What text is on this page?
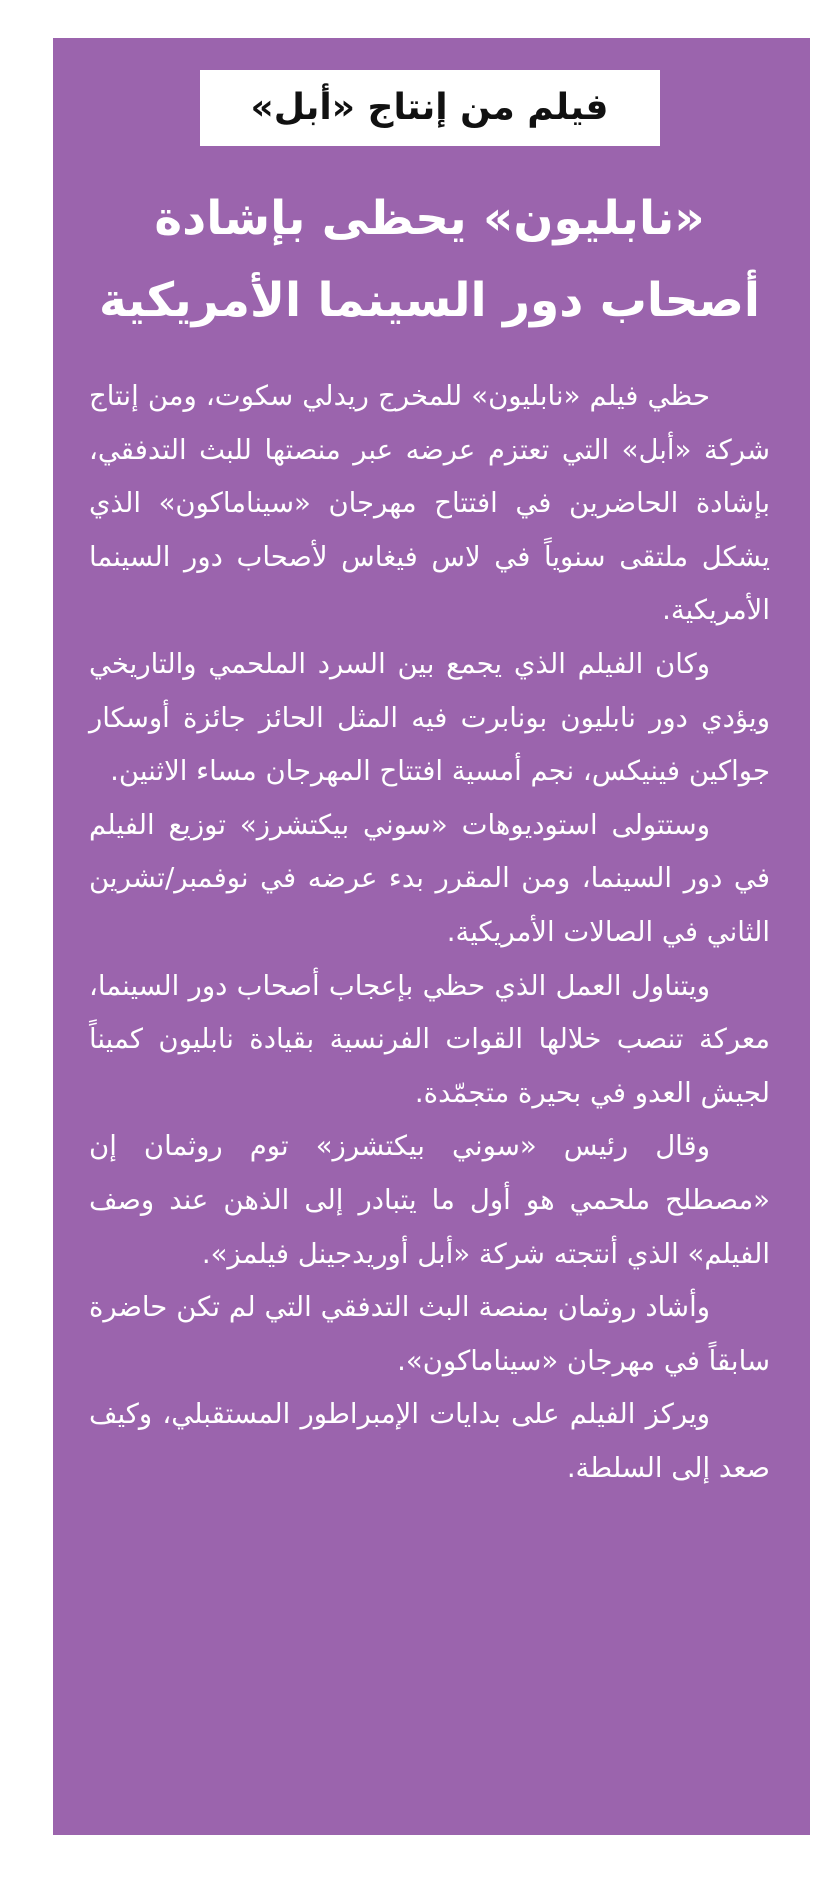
فيلم من إنتاج «أبل»
«نابليون» يحظى بإشادة
أصحاب دور السينما الأمريكية

حظي فيلم «نابليون» للمخرج ريدلي سكوت، ومن إنتاج شركة «أبل» التي تعتزم عرضه عبر منصتها للبث التدفقي، بإشادة الحاضرين في افتتاح مهرجان «سيناماكون» الذي يشكل ملتقى سنوياً في لاس فيغاس لأصحاب دور السينما الأمريكية.

وكان الفيلم الذي يجمع بين السرد الملحمي والتاريخي ويؤدي دور نابليون بونابرت فيه المثل الحائز جائزة أوسكار جواكين فينيكس، نجم أمسية افتتاح المهرجان مساء الاثنين.

وستتولى استوديوهات «سوني بيكتشرز» توزيع الفيلم في دور السينما، ومن المقرر بدء عرضه في نوفمبر/تشرين الثاني في الصالات الأمريكية.

ويتناول العمل الذي حظي بإعجاب أصحاب دور السينما، معركة تنصب خلالها القوات الفرنسية بقيادة نابليون كميناً لجيش العدو في بحيرة متجمّدة.

وقال رئيس «سوني بيكتشرز» توم روثمان إن «مصطلح ملحمي هو أول ما يتبادر إلى الذهن عند وصف الفيلم» الذي أنتجته شركة «أبل أوريدجينل فيلمز».

وأشاد روثمان بمنصة البث التدفقي التي لم تكن حاضرة سابقاً في مهرجان «سيناماكون».

ويركز الفيلم على بدايات الإمبراطور المستقبلي، وكيف صعد إلى السلطة.
